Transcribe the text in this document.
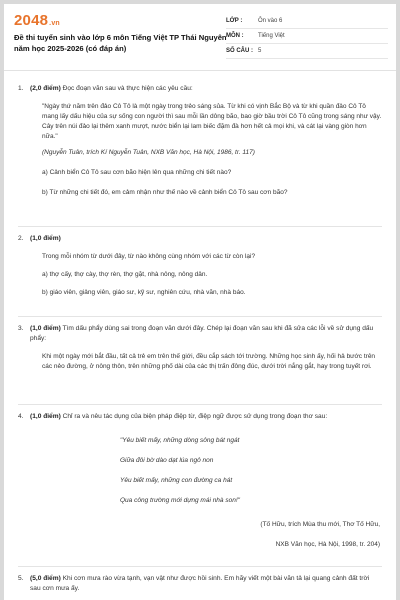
2048.vn
Đề thi tuyển sinh vào lớp 6 môn Tiếng Việt TP Thái Nguyên năm học 2025-2026 (có đáp án)
LỚP :	Ôn vào 6
MÔN :	Tiếng Việt
SỐ CÂU : 5
1. (2,0 điểm) Đọc đoạn văn sau và thực hiện các yêu cầu:
"Ngày thứ năm trên đảo Cô Tô là một ngày trong trẻo sáng sủa. Từ khi có vịnh Bắc Bộ và từ khi quần đảo Cô Tô mang lấy dấu hiệu của sự sống con người thì sau mỗi lần dông bão, bao giờ bầu trời Cô Tô cũng trong sáng như vậy. Cây trên núi đảo lại thêm xanh mượt, nước biển lại lam biếc đặm đà hơn hết cả mọi khi, và cát lại vàng giòn hơn nữa."
(Nguyễn Tuân, trích Kí Nguyễn Tuân, NXB Văn học, Hà Nội, 1986, tr. 117)
a) Cảnh biển Cô Tô sau cơn bão hiện lên qua những chi tiết nào?
b) Từ những chi tiết đó, em cảm nhận như thế nào về cảnh biển Cô Tô sau cơn bão?
2. (1,0 điểm)
Trong mỗi nhóm từ dưới đây, từ nào không cùng nhóm với các từ còn lại?
a) thợ cấy, thợ cày, thợ rèn, thợ gặt, nhà nông, nông dân.
b) giáo viên, giảng viên, giáo sư, kỹ sư, nghiên cứu, nhà văn, nhà báo.
3. (1,0 điểm) Tìm dấu phẩy dùng sai trong đoạn văn dưới đây. Chép lại đoạn văn sau khi đã sửa các lỗi về sử dụng dấu phẩy:
Khi một ngày mới bắt đầu, tất cả trẻ em trên thế giới, đều cắp sách tới trường. Những học sinh ấy, hối hả bước trên các nẻo đường, ở nông thôn, trên những phố dài của các thị trấn đông đúc, dưới trời nắng gắt, hay trong tuyết rơi.
4. (1,0 điểm) Chỉ ra và nêu tác dụng của biện pháp điệp từ, điệp ngữ được sử dụng trong đoạn thơ sau:
"Yêu biết mấy, những dòng sông bát ngát
Giữa đôi bờ dào dạt lúa ngô non
Yêu biết mấy, những con đường ca hát
Qua công trường mới dựng mái nhà son!"
(Tố Hữu, trích Mùa thu mới, Thơ Tố Hữu,
NXB Văn học, Hà Nội, 1998, tr. 204)
5. (5,0 điểm) Khi cơn mưa rào vừa tạnh, vạn vật như được hồi sinh. Em hãy viết một bài văn tả lại quang cảnh đất trời sau cơn mưa ấy.
